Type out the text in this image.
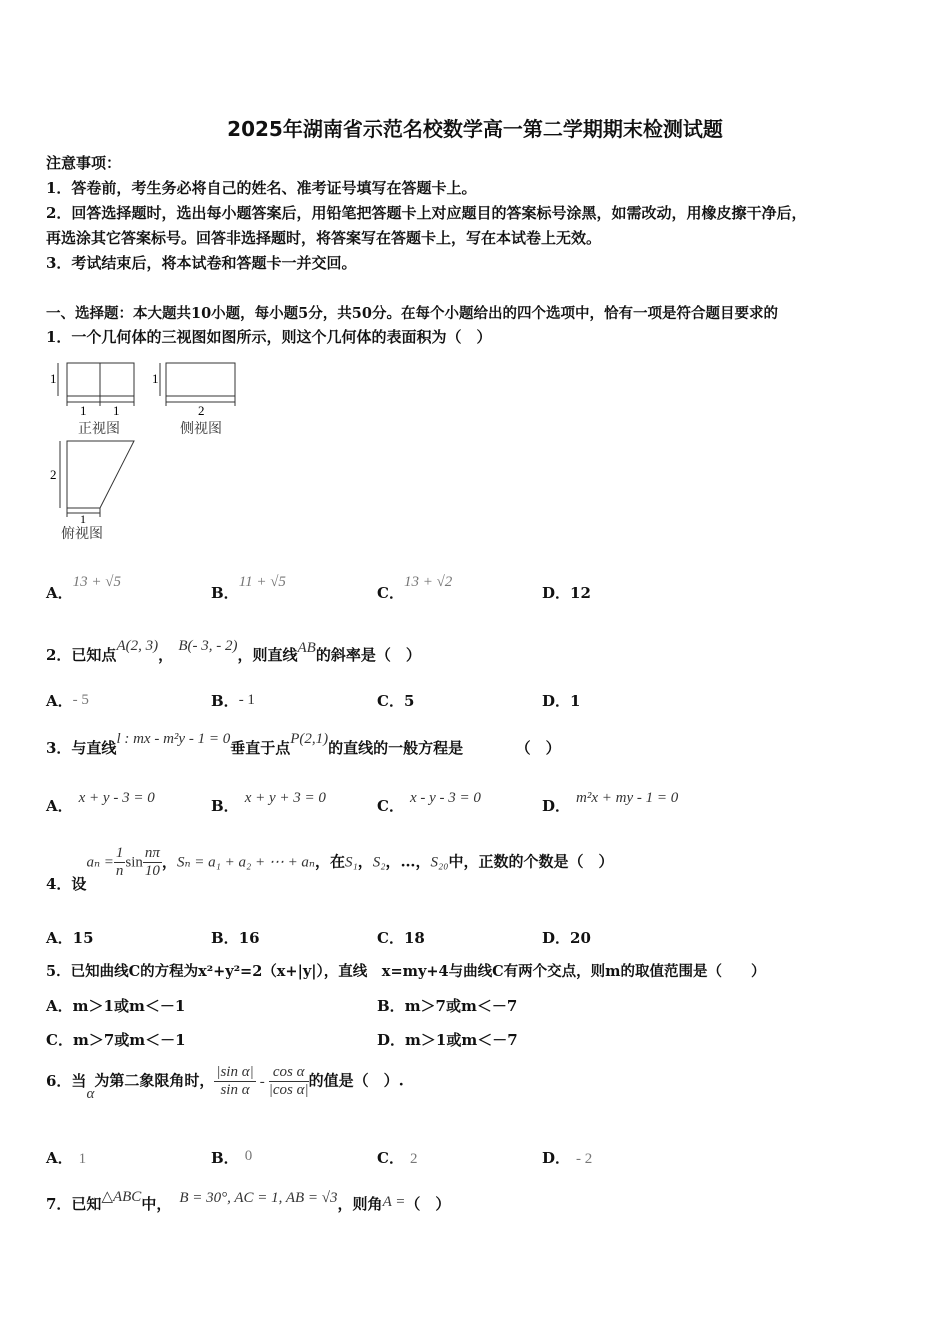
2025年湖南省示范名校数学高一第二学期期末检测试题
注意事项：
1．答卷前，考生务必将自己的姓名、准考证号填写在答题卡上。
2．回答选择题时，选出每小题答案后，用铅笔把答题卡上对应题目的答案标号涂黑，如需改动，用橡皮擦干净后，
再选涂其它答案标号。回答非选择题时，将答案写在答题卡上，写在本试卷上无效。
3．考试结束后，将本试卷和答题卡一并交回。
一、选择题：本大题共10小题，每小题5分，共50分。在每个小题给出的四个选项中，恰有一项是符合题目要求的
1．一个几何体的三视图如图所示，则这个几何体的表面积为（　）
1
1 1
正视图
1
2
侧视图
2
1
俯视图
A．13 + √5
B．11 + √5
C．13 + √2
D．12
2．已知点A(2, 3)， B(- 3, - 2)，则直线AB的斜率是（　）
A．- 5	B．- 1	C．5	D．1
3．与直线l : mx - m²y - 1 = 0垂直于点P(2,1)的直线的一般方程是　　　　（　）
A． x + y - 3 = 0	B． x + y + 3 = 0	C． x - y - 3 = 0	D． m²x + my - 1 = 0
4．设$a_n = \frac{1}{n}$ $\sin \frac{n\pi}{10}$ ，Sₙ = a₁ + a₂ + ⋯ + aₙ，在S₁，S₂，…，S₂₀中，正数的个数是（　）
A．15	B．16	C．18	D．20
5．已知曲线C的方程为x²+y²=2（x+|y|），直线　x=my+4与曲线C有两个交点，则m的取值范围是（　　）
A．m＞1或m＜－1	B．m＞7或m＜－7
C．m＞7或m＜－1	D．m＞1或m＜－7
6．当α为第二象限角时， $\frac{\text{|sin α|}}{\text{sin α}} - \frac{\text{cos α}}{\text{|cos α|}}$ 的值是（　）.
A． 1	B． 0	C． 2	D． - 2
7．已知△ABC中， B = 30°, AC = 1, AB = √3，则角A =（　）
